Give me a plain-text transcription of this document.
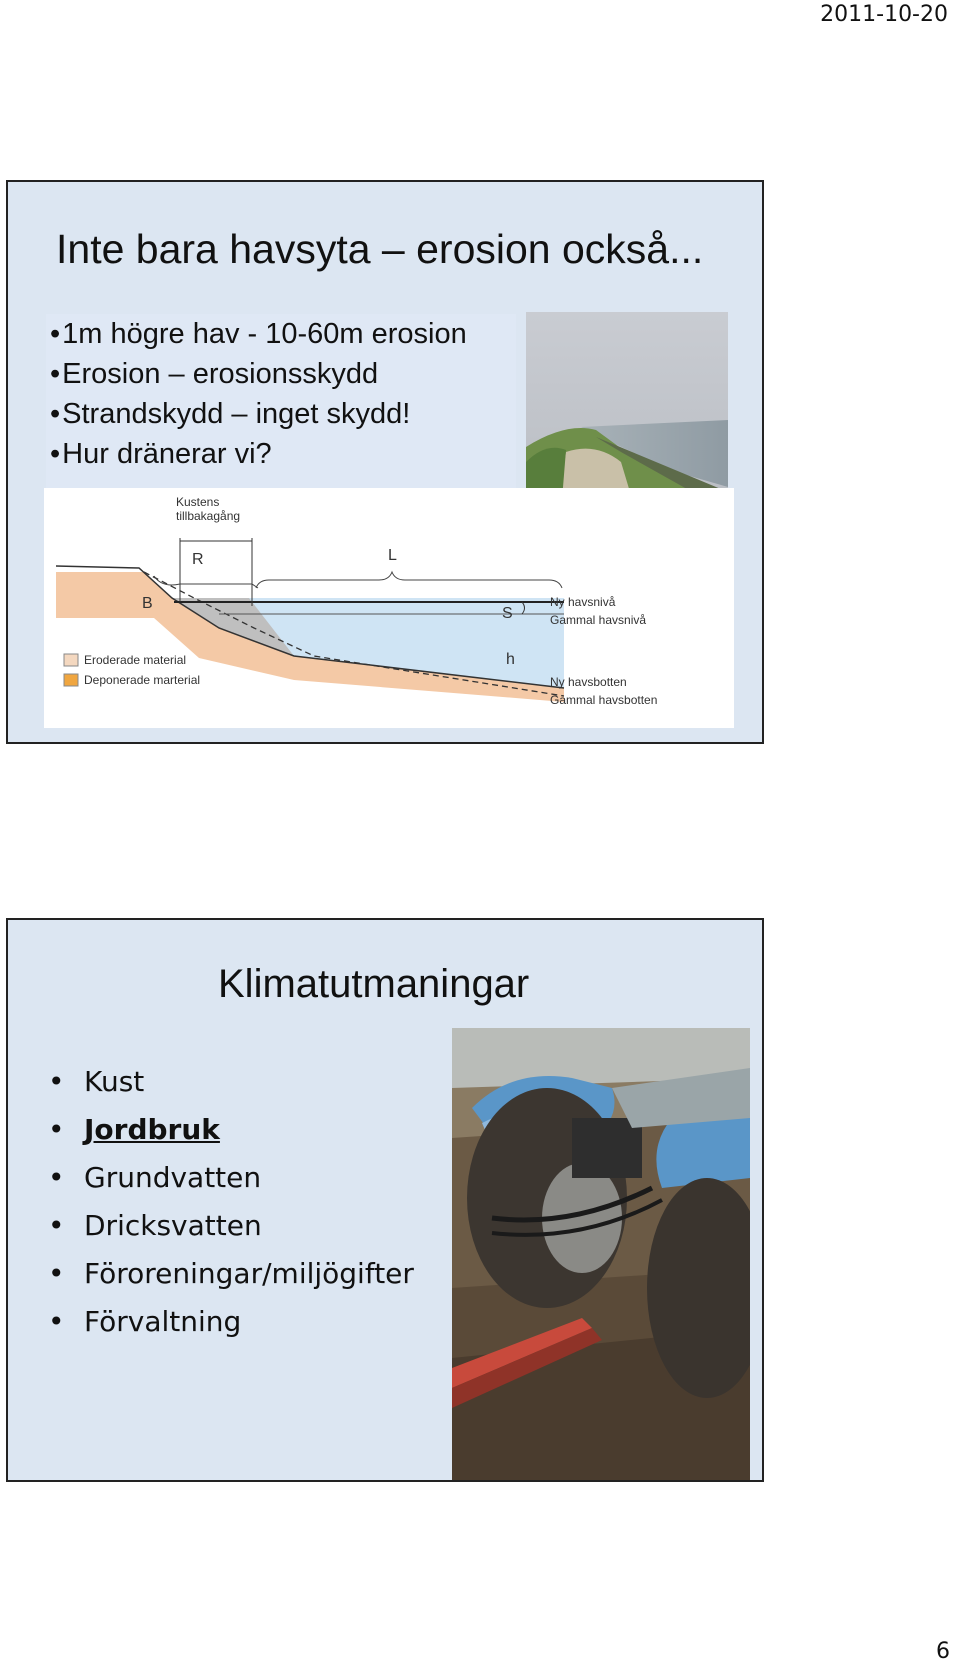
2011-10-20
Inte bara havsyta – erosion också...
• 1m högre hav - 10-60m erosion
• Erosion – erosionsskydd
• Strandskydd – inget skydd!
• Hur dränerar vi?
Kustens
tillbakagång
R	L
B
S
h
Ny havsnivå
Gammal havsnivå
Ny havsbotten
Gammal havsbotten
Eroderade material
Deponerade marterial
Klimatutmaningar
• Kust
• Jordbruk
• Grundvatten
• Dricksvatten
• Föroreningar/miljögifter
• Förvaltning
6
